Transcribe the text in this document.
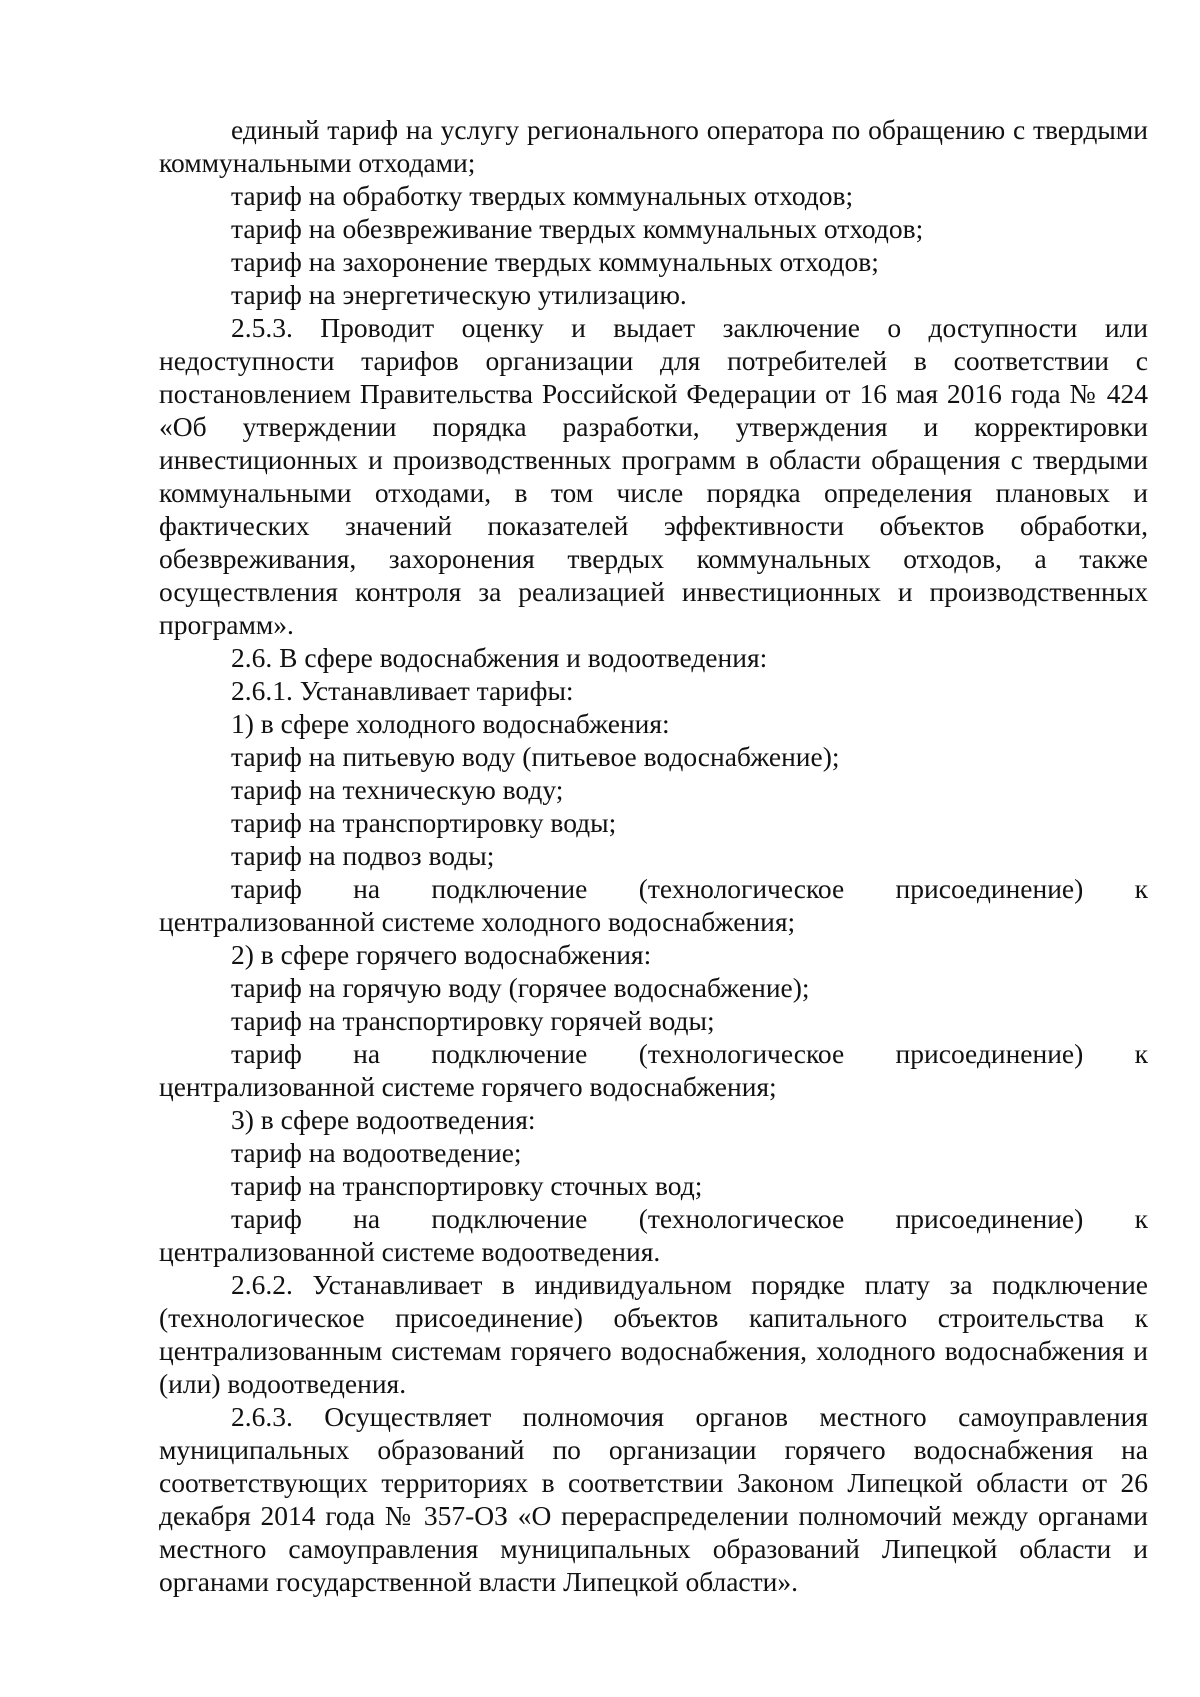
единый тариф на услугу регионального оператора по обращению с твердыми коммунальными отходами;

тариф на обработку твердых коммунальных отходов;

тариф на обезвреживание твердых коммунальных отходов;

тариф на захоронение твердых коммунальных отходов;

тариф на энергетическую утилизацию.

2.5.3. Проводит оценку и выдает заключение о доступности или недоступности тарифов организации для потребителей в соответствии с постановлением Правительства Российской Федерации от 16 мая 2016 года № 424 «Об утверждении порядка разработки, утверждения и корректировки инвестиционных и производственных программ в области обращения с твердыми коммунальными отходами, в том числе порядка определения плановых и фактических значений показателей эффективности объектов обработки, обезвреживания, захоронения твердых коммунальных отходов, а также осуществления контроля за реализацией инвестиционных и производственных программ».

2.6. В сфере водоснабжения и водоотведения:

2.6.1. Устанавливает тарифы:

1) в сфере холодного водоснабжения:

тариф на питьевую воду (питьевое водоснабжение);

тариф на техническую воду;

тариф на транспортировку воды;

тариф на подвоз воды;

тариф на подключение (технологическое присоединение) к централизованной системе холодного водоснабжения;

2) в сфере горячего водоснабжения:

тариф на горячую воду (горячее водоснабжение);

тариф на транспортировку горячей воды;

тариф на подключение (технологическое присоединение) к централизованной системе горячего водоснабжения;

3) в сфере водоотведения:

тариф на водоотведение;

тариф на транспортировку сточных вод;

тариф на подключение (технологическое присоединение) к централизованной системе водоотведения.

2.6.2. Устанавливает в индивидуальном порядке плату за подключение (технологическое присоединение) объектов капитального строительства к централизованным системам горячего водоснабжения, холодного водоснабжения и (или) водоотведения.

2.6.3. Осуществляет полномочия органов местного самоуправления муниципальных образований по организации горячего водоснабжения на соответствующих территориях в соответствии Законом Липецкой области от 26 декабря 2014 года № 357-ОЗ «О перераспределении полномочий между органами местного самоуправления муниципальных образований Липецкой области и органами государственной власти Липецкой области».
